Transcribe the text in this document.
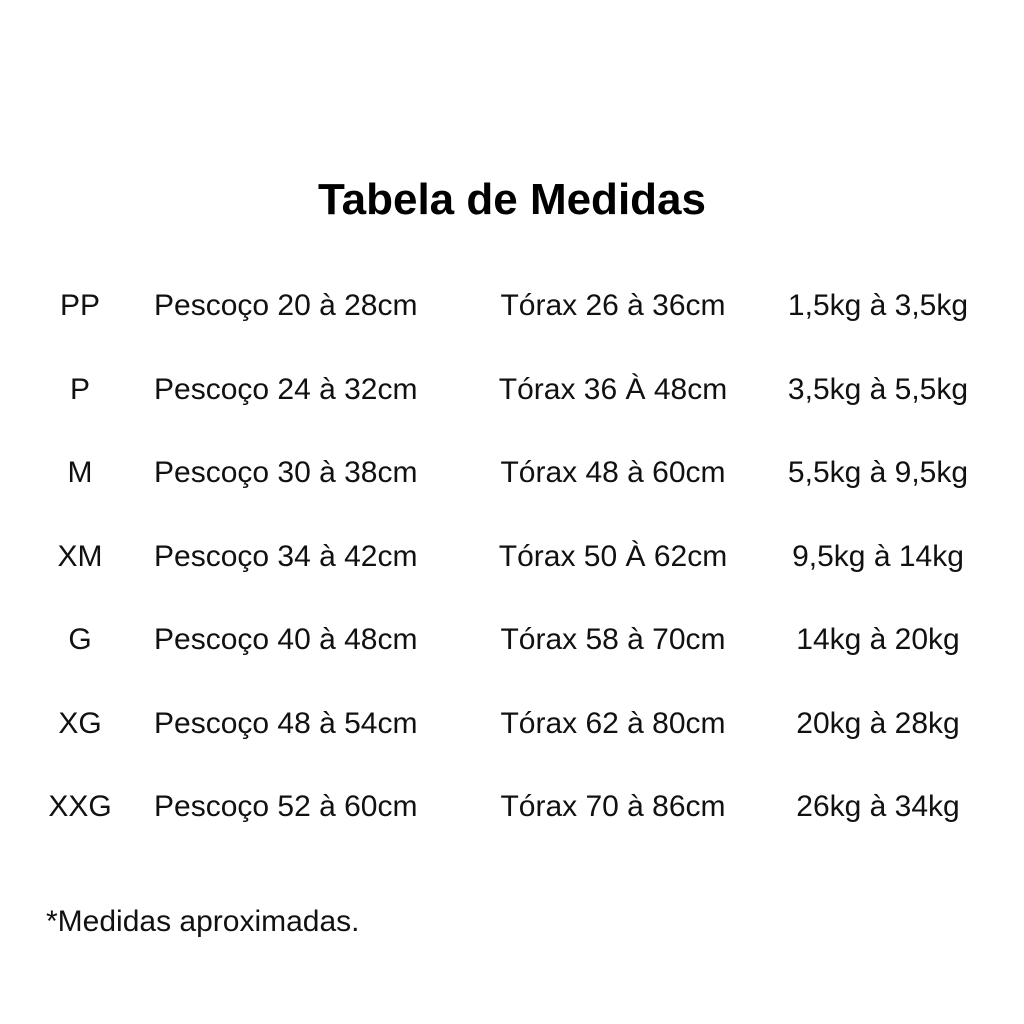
Tabela de Medidas
PP	Pescoço 20 à 28cm	Tórax 26 à 36cm	1,5kg à 3,5kg
P	Pescoço 24 à 32cm	Tórax 36 À 48cm	3,5kg à 5,5kg
M	Pescoço 30 à 38cm	Tórax 48 à 60cm	5,5kg à 9,5kg
XM	Pescoço 34 à 42cm	Tórax 50 À 62cm	9,5kg à 14kg
G	Pescoço 40 à 48cm	Tórax 58 à 70cm	14kg à 20kg
XG	Pescoço 48 à 54cm	Tórax 62 à 80cm	20kg à 28kg
XXG Pescoço 52 à 60cm	Tórax 70 à 86cm	26kg à 34kg
*Medidas aproximadas.
